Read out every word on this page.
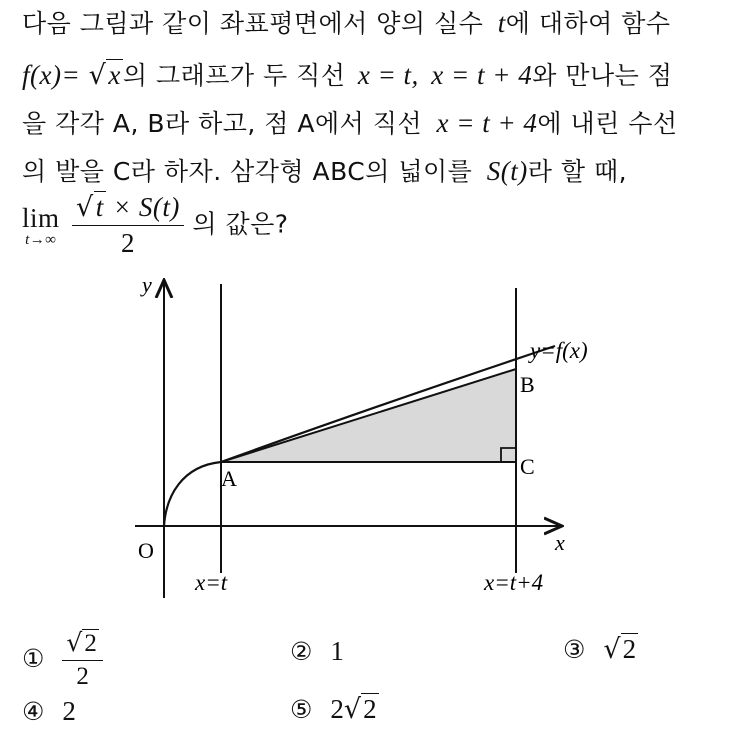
다음 그림과 같이 좌표평면에서 양의 실수 t에 대하여 함수
f(x)= √x의 그래프가 두 직선 x = t, x = t + 4와 만나는 점
을 각각 A, B라 하고, 점 A에서 직선 x = t + 4에 내린 수선
의 발을 C라 하자. 삼각형 ABC의 넓이를 S(t)라 할 때,
lim
t→∞
$\frac{√t \times S(t)}{2}$ 의 값은?
y
x
O
y=f(x)
A
B
C
x=t	x=t+4
① $\frac{√2}{2}$	② 1	③ √2
④ 2	⑤ 2√2
